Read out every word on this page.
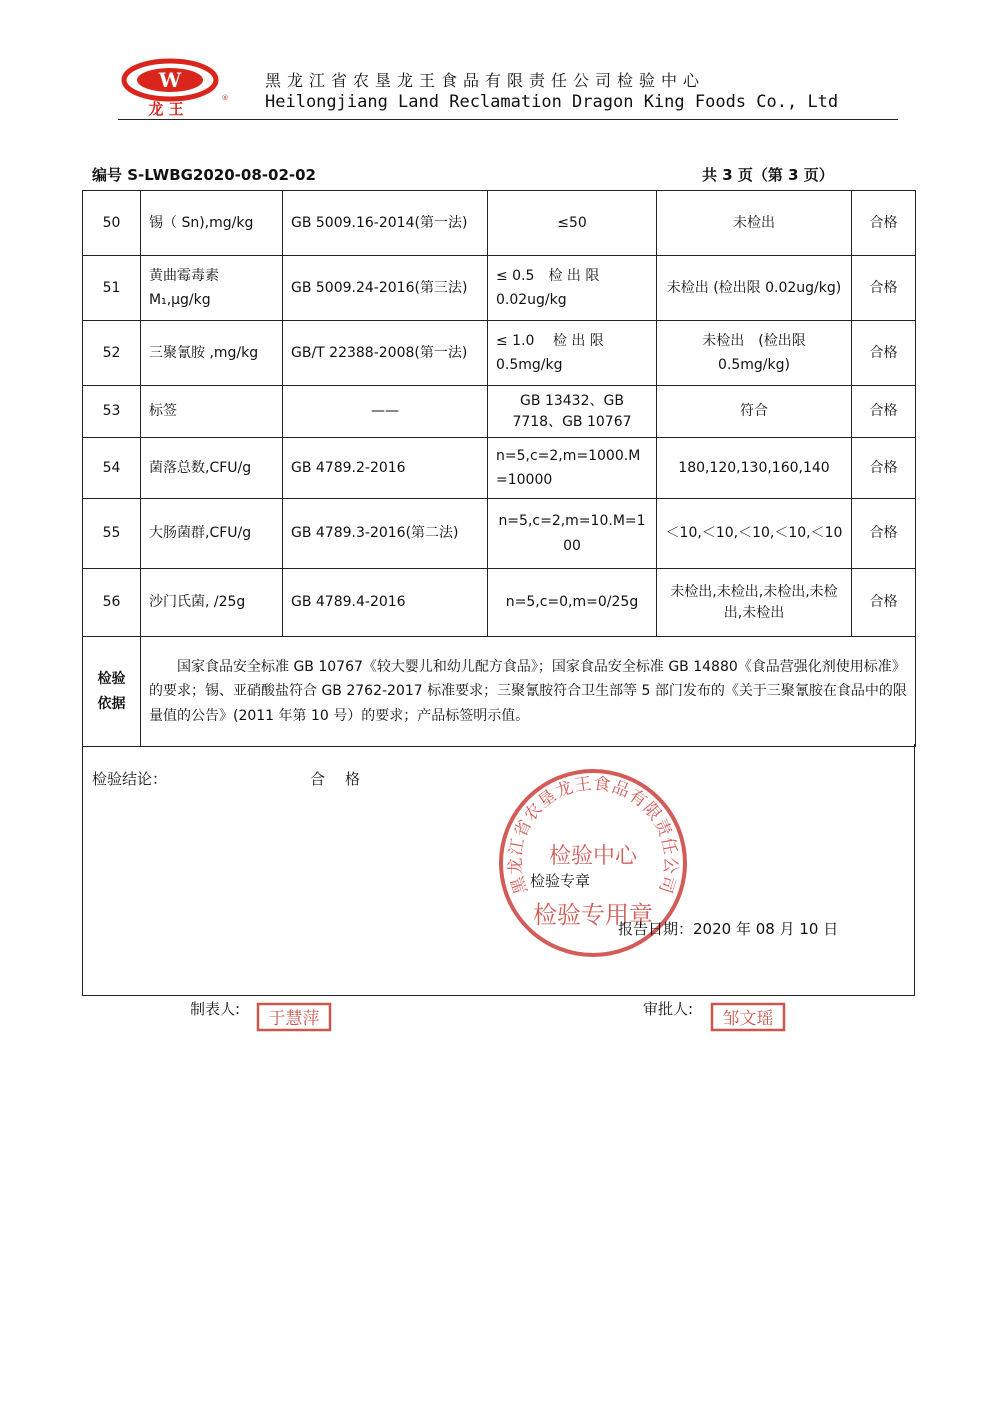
W
龙 王
®
黑龙江省农垦龙王食品有限责任公司检验中心
Heilongjiang Land Reclamation Dragon King Foods Co., Ltd
编号 S-LWBG2020-08-02-02	共 3 页（第 3 页）
50	锡（ Sn),mg/kg	GB 5009.16-2014(第一法)	≤50	未检出	合格
51	黄曲霉毒素 M₁,μg/kg	GB 5009.24-2016(第三法)	≤ 0.5　检 出 限 0.02ug/kg	未检出 (检出限 0.02ug/kg)	合格
52	三聚氰胺 ,mg/kg	GB/T 22388-2008(第一法)	≤ 1.0　 检 出 限 0.5mg/kg	未检出　(检出限 0.5mg/kg)	合格
53	标签	——	GB 13432、GB 7718、GB 10767	符合	合格
54	菌落总数,CFU/g	GB 4789.2-2016	n=5,c=2,m=1000.M=10000	180,120,130,160,140	合格
55	大肠菌群,CFU/g	GB 4789.3-2016(第二法)	n=5,c=2,m=10.M=100	＜10,＜10,＜10,＜10,＜10	合格
56	沙门氏菌, /25g	GB 4789.4-2016	n=5,c=0,m=0/25g	未检出,未检出,未检出,未检出,未检出	合格
检验依据	国家食品安全标准 GB 10767《较大婴儿和幼儿配方食品》；国家食品安全标准 GB 14880《食品营强化剂使用标准》的要求；锡、亚硝酸盐符合 GB 2762-2017 标准要求；三聚氰胺符合卫生部等 5 部门发布的《关于三聚氰胺在食品中的限量值的公告》(2011 年第 10 号）的要求；产品标签明示值。				
检验结论：	合格
黑龙江省农垦龙王食品有限责任公司
检验中心
检验专用章
检验专章
报告日期：2020 年 08 月 10 日
制表人: 于慧萍	审批人: 邹文瑶
